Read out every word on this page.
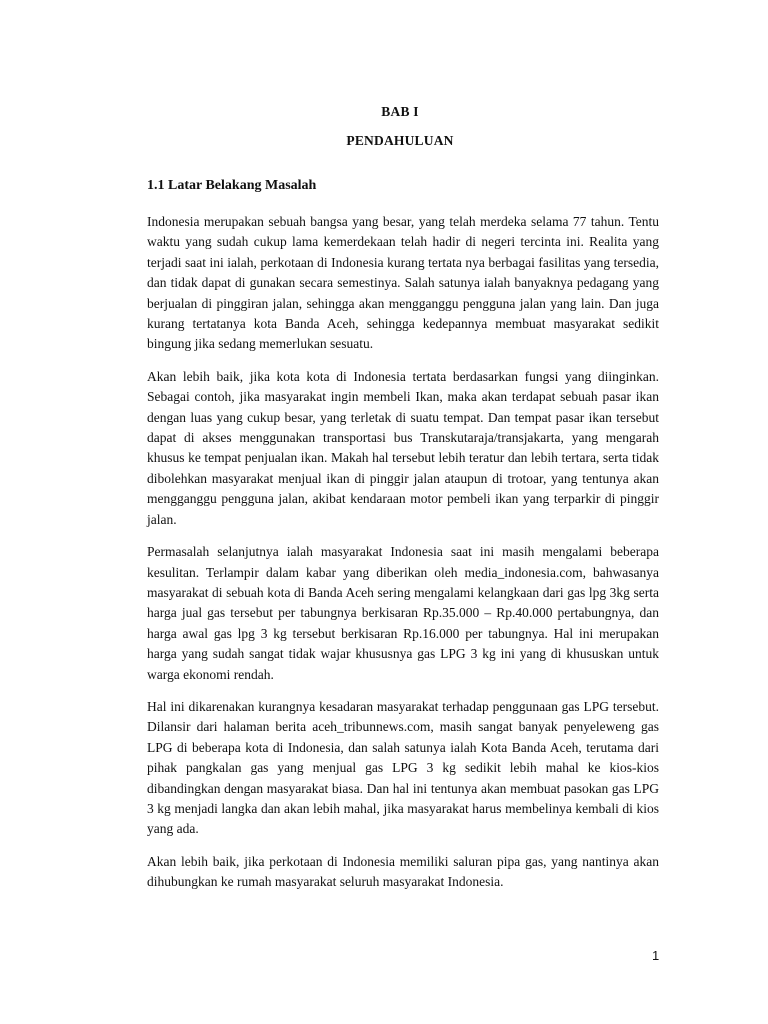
BAB I
PENDAHULUAN
1.1 Latar Belakang Masalah

Indonesia merupakan sebuah bangsa yang besar, yang telah merdeka selama 77 tahun. Tentu waktu yang sudah cukup lama kemerdekaan telah hadir di negeri tercinta ini. Realita yang terjadi saat ini ialah, perkotaan di Indonesia kurang tertata nya berbagai fasilitas yang tersedia, dan tidak dapat di gunakan secara semestinya. Salah satunya ialah banyaknya pedagang yang berjualan di pinggiran jalan, sehingga akan mengganggu pengguna jalan yang lain. Dan juga kurang tertatanya kota Banda Aceh, sehingga kedepannya membuat masyarakat sedikit bingung jika sedang memerlukan sesuatu.

Akan lebih baik, jika kota kota di Indonesia tertata berdasarkan fungsi yang diinginkan. Sebagai contoh, jika masyarakat ingin membeli Ikan, maka akan terdapat sebuah pasar ikan dengan luas yang cukup besar, yang terletak di suatu tempat. Dan tempat pasar ikan tersebut dapat di akses menggunakan transportasi bus Transkutaraja/transjakarta, yang mengarah khusus ke tempat penjualan ikan. Makah hal tersebut lebih teratur dan lebih tertara, serta tidak dibolehkan masyarakat menjual ikan di pinggir jalan ataupun di trotoar, yang tentunya akan mengganggu pengguna jalan, akibat kendaraan motor pembeli ikan yang terparkir di pinggir jalan.

Permasalah selanjutnya ialah masyarakat Indonesia saat ini masih mengalami beberapa kesulitan. Terlampir dalam kabar yang diberikan oleh media_indonesia.com, bahwasanya masyarakat di sebuah kota di Banda Aceh sering mengalami kelangkaan dari gas lpg 3kg serta harga jual gas tersebut per tabungnya berkisaran Rp.35.000 – Rp.40.000 pertabungnya, dan harga awal gas lpg 3 kg tersebut berkisaran Rp.16.000 per tabungnya. Hal ini merupakan harga yang sudah sangat tidak wajar khususnya gas LPG 3 kg ini yang di khususkan untuk warga ekonomi rendah.

Hal ini dikarenakan kurangnya kesadaran masyarakat terhadap penggunaan gas LPG tersebut. Dilansir dari halaman berita aceh_tribunnews.com, masih sangat banyak penyeleweng gas LPG di beberapa kota di Indonesia, dan salah satunya ialah Kota Banda Aceh, terutama dari pihak pangkalan gas yang menjual gas LPG 3 kg sedikit lebih mahal ke kios-kios dibandingkan dengan masyarakat biasa. Dan hal ini tentunya akan membuat pasokan gas LPG 3 kg menjadi langka dan akan lebih mahal, jika masyarakat harus membelinya kembali di kios yang ada.

Akan lebih baik, jika perkotaan di Indonesia memiliki saluran pipa gas, yang nantinya akan dihubungkan ke rumah masyarakat seluruh masyarakat Indonesia.

1
